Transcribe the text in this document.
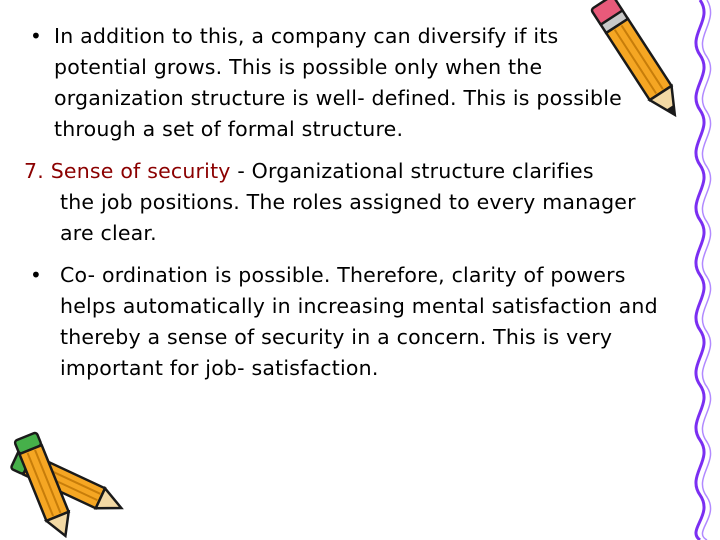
• In addition to this, a company can diversify if its
potential grows. This is possible only when the
organization structure is well- defined. This is possible
through a set of formal structure.
7. Sense of security - Organizational structure clarifies
the job positions. The roles assigned to every manager
are clear.
• Co- ordination is possible. Therefore, clarity of powers
helps automatically in increasing mental satisfaction and
thereby a sense of security in a concern. This is very
important for job- satisfaction.
